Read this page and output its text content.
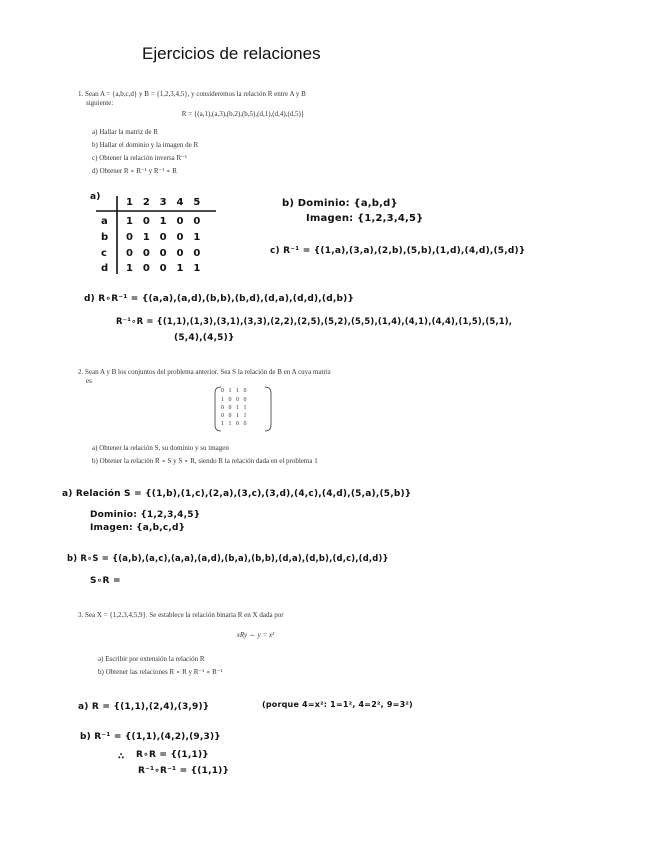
Ejercicios de relaciones
1. Sean A = {a,b,c,d} y B = {1,2,3,4,5}, y consideremos la relación R entre A y B
siguiente:
R = {(a,1),(a,3),(b,2),(b,5),(d,1),(d,4),(d,5)}
a) Hallar la matriz de R
b) Hallar el dominio y la imagen de R
c) Obtener la relación inversa R⁻¹
d) Obtener R ∘ R⁻¹ y R⁻¹ ∘ R
a)	1 2 3 4 5
a 1 0 1 0 0
b 0 1 0 0 1
c 0 0 0 0 0
d 1 0 0 1 1
b) Dominio: {a,b,d}
Imagen: {1,2,3,4,5}
c) R⁻¹ = {(1,a),(3,a),(2,b),(5,b),(1,d),(4,d),(5,d)}
d) R∘R⁻¹ = {(a,a),(a,d),(b,b),(b,d),(d,a),(d,d),(d,b)}
R⁻¹∘R = {(1,1),(1,3),(3,1),(3,3),(2,2),(2,5),(5,2),(5,5),(1,4),(4,1),(4,4),(1,5),(5,1),
(5,4),(4,5)}
2. Sean A y B los conjuntos del problema anterior. Sea S la relación de B en A cuya matriz
es
0 1 1 0
1 0 0 0
0 0 1 1
0 0 1 1
1 1 0 0
a) Obtener la relación S, su dominio y su imagen
b) Obtener la relación R ∘ S y S ∘ R, siendo R la relación dada en el problema 1
a) Relación S = {(1,b),(1,c),(2,a),(3,c),(3,d),(4,c),(4,d),(5,a),(5,b)}
Dominio: {1,2,3,4,5}
Imagen: {a,b,c,d}
b) R∘S = {(a,b),(a,c),(a,a),(a,d),(b,a),(b,b),(d,a),(d,b),(d,c),(d,d)}
S∘R =
3. Sea X = {1,2,3,4,5,9}. Se establece la relación binaria R en X dada por
xRy ⇔ y = x²
a) Escribir por extensión la relación R
b) Obtener las relaciones R ∘ R y R⁻¹ ∘ R⁻¹
a) R = {(1,1),(2,4),(3,9)}	(porque 4=x²: 1=1², 4=2², 9=3²)
b) R⁻¹ = {(1,1),(4,2),(9,3)}
∴ R∘R = {(1,1)}
R⁻¹∘R⁻¹ = {(1,1)}
